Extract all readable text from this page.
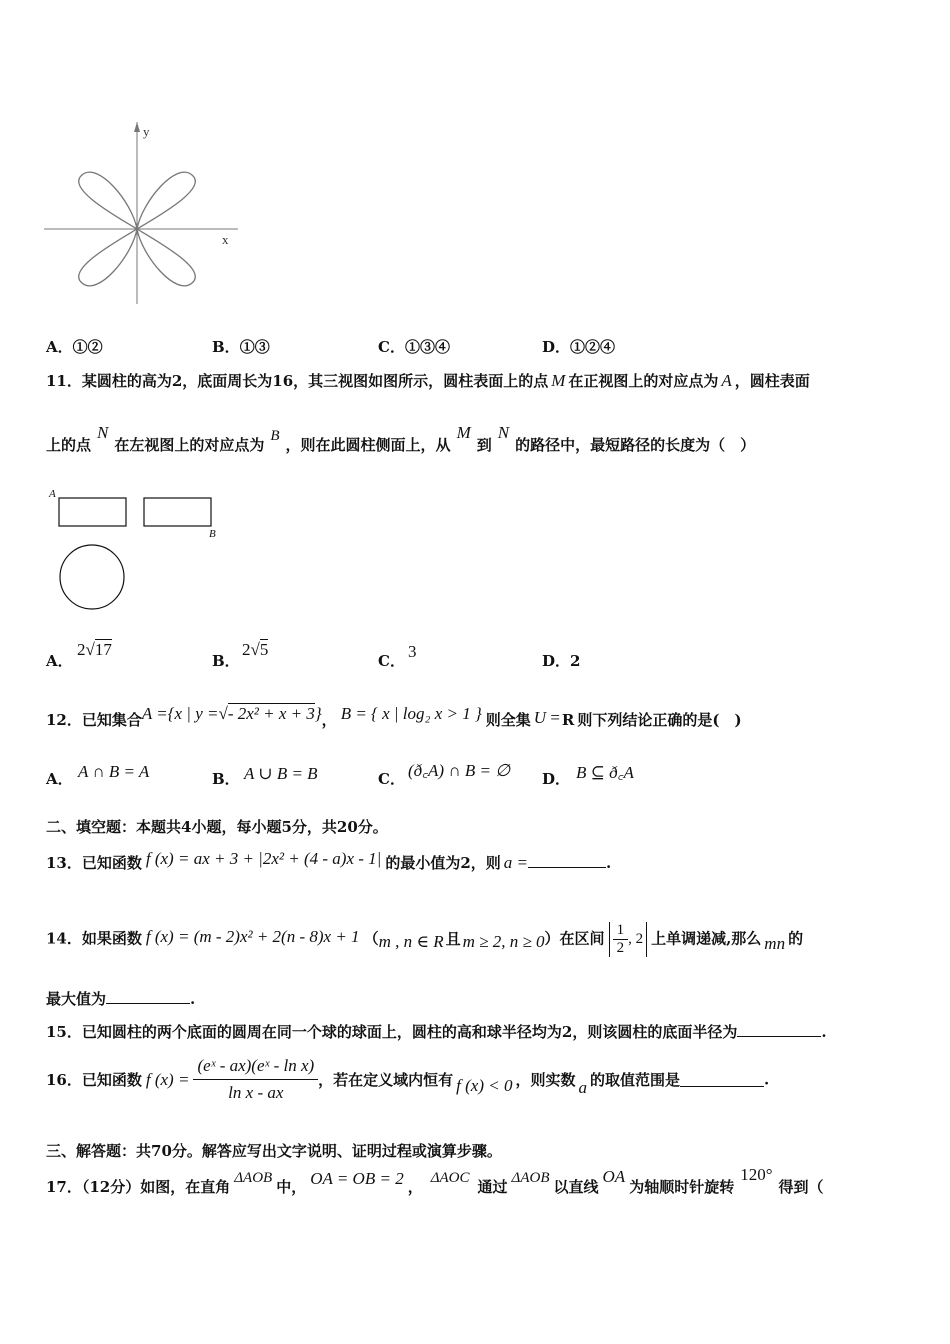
y
x
A．①②	B．①③	C．①③④	D．①②④
11．某圆柱的高为2，底面周长为16，其三视图如图所示，圆柱表面上的点 M 在正视图上的对应点为 A ，圆柱表面
上的点N在左视图上的对应点为 B ，则在此圆柱侧面上，从M到N的路径中，最短路径的长度为（　）
A
B
A．
2√17
B．
2√5
C． 3	D．2
12．已知集合A ={x | y =√- 2x² + x + 3}， B = { x | log₂ x > 1 } 则全集 U = R 则下列结论正确的是(　)
A． A ∩ B = A	B． A ∪ B = B	C． (ð꜀A) ∩ B = ∅ D． B ⊆ ð꜀A
二、填空题：本题共4小题，每小题5分，共20分。
13．已知函数 f (x) = ax + 3 + |2x² + (4 - a)x - 1| 的最小值为2，则 a =	.
14．如果函数 f (x) = (m - 2)x² + 2(n - 8)x + 1 （m , n ∈ R 且 m ≥ 2, n ≥ 0）在区间 $\frac{1}{2}$ , 2 上单调递减,那么 mn 的
最大值为	.
15．已知圆柱的两个底面的圆周在同一个球的球面上，圆柱的高和球半径均为2，则该圆柱的底面半径为	.
16．已知函数 f $(x) = \frac{\text{(eˣ - ax)(eˣ - ln x)}}{\text{ln x - ax}}$ ，若在定义域内恒有 f (x) < 0 ，则实数 a 的取值范围是	.
三、解答题：共70分。解答应写出文字说明、证明过程或演算步骤。
17．（12分）如图，在直角 ΔAOB 中， OA = OB = 2 ， ΔAOC 通过 ΔAOB 以直线OA为轴顺时针旋转120°得到（
